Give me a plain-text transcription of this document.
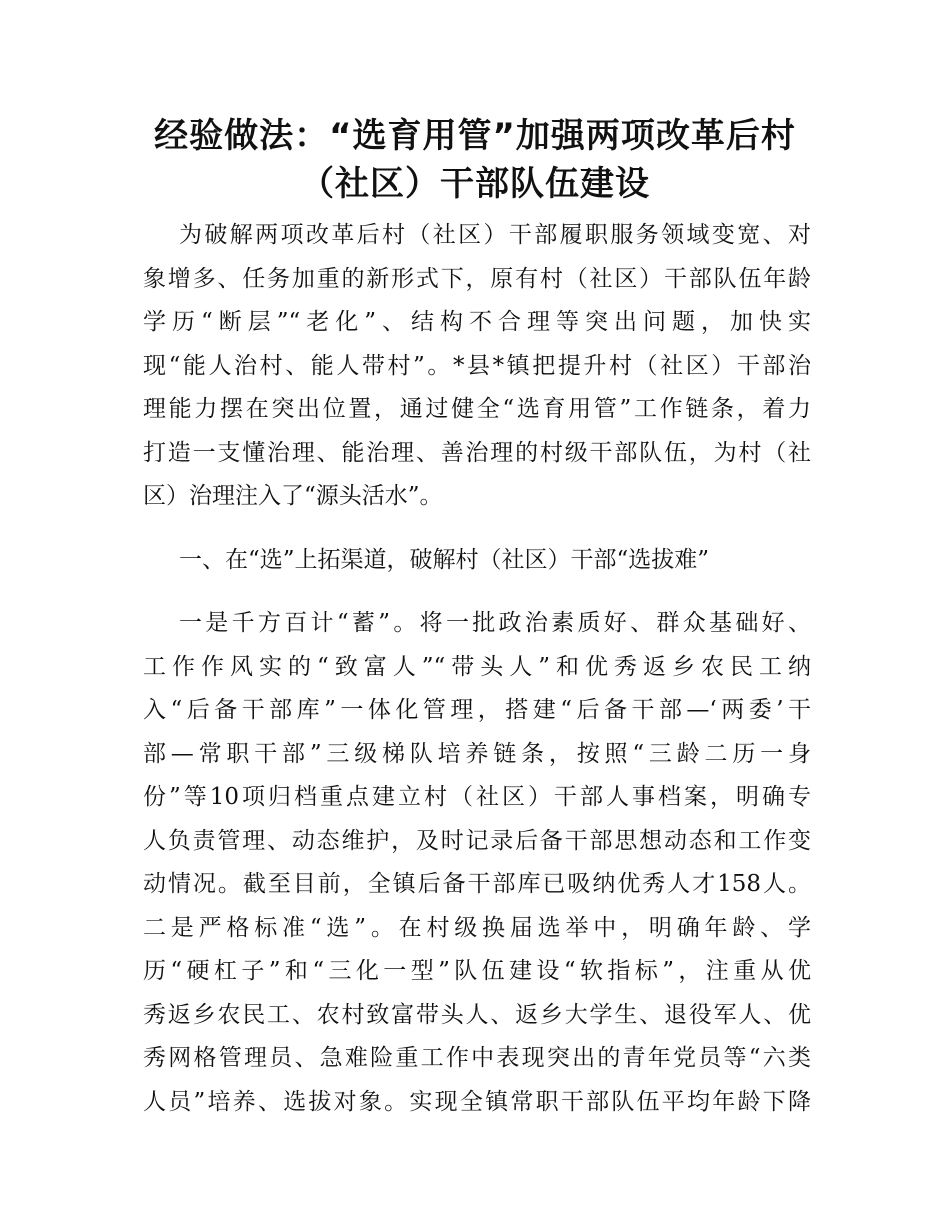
经验做法：“选育用管”加强两项改革后村
（社区）干部队伍建设
为破解两项改革后村（社区）干部履职服务领域变宽、对
象增多、任务加重的新形式下，原有村（社区）干部队伍年龄
学历“断层”“老化”、结构不合理等突出问题，加快实
现“能人治村、能人带村”。*县*镇把提升村（社区）干部治
理能力摆在突出位置，通过健全“选育用管”工作链条，着力
打造一支懂治理、能治理、善治理的村级干部队伍，为村（社
区）治理注入了“源头活水”。
一、在“选”上拓渠道，破解村（社区）干部“选拔难”
一是千方百计“蓄”。将一批政治素质好、群众基础好、
工作作风实的“致富人”“带头人”和优秀返乡农民工纳
入“后备干部库”一体化管理，搭建“后备干部—‘两委’干
部—常职干部”三级梯队培养链条，按照“三龄二历一身
份”等10项归档重点建立村（社区）干部人事档案，明确专
人负责管理、动态维护，及时记录后备干部思想动态和工作变
动情况。截至目前，全镇后备干部库已吸纳优秀人才158人。
二是严格标准“选”。在村级换届选举中，明确年龄、学
历“硬杠子”和“三化一型”队伍建设“软指标”，注重从优
秀返乡农民工、农村致富带头人、返乡大学生、退役军人、优
秀网格管理员、急难险重工作中表现突出的青年党员等“六类
人员”培养、选拔对象。实现全镇常职干部队伍平均年龄下降
